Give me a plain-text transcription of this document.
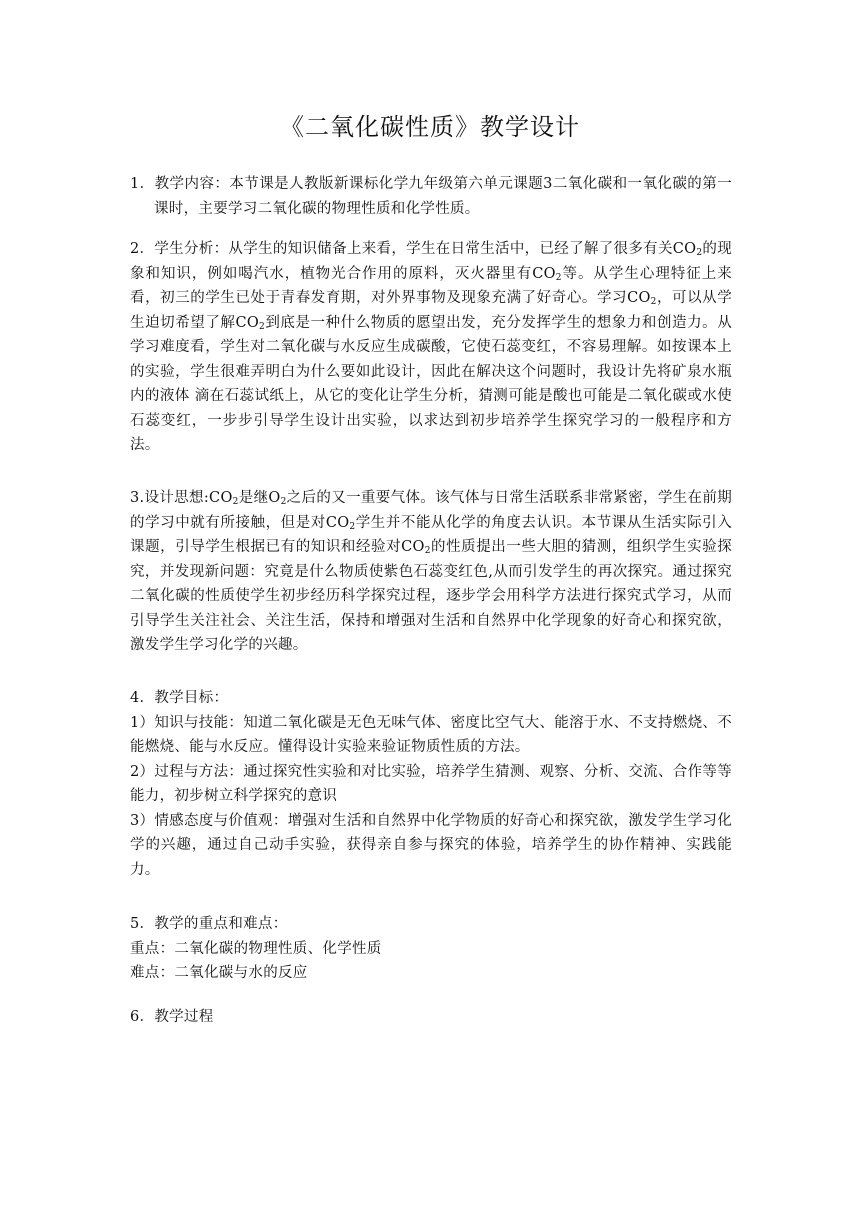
《二氧化碳性质》教学设计

1．教学内容：本节课是人教版新课标化学九年级第六单元课题3二氧化碳和一氧化碳的第一课时，主要学习二氧化碳的物理性质和化学性质。

2．学生分析：从学生的知识储备上来看，学生在日常生活中，已经了解了很多有关$CO_2$的现象和知识，例如喝汽水，植物光合作用的原料，灭火器里有$CO_2$等。从学生心理特征上来看，初三的学生已处于青春发育期，对外界事物及现象充满了好奇心。学习$CO_2$，可以从学生迫切希望了解$CO_2$到底是一种什么物质的愿望出发，充分发挥学生的想象力和创造力。从学习难度看，学生对二氧化碳与水反应生成碳酸，它使石蕊变红，不容易理解。如按课本上的实验，学生很难弄明白为什么要如此设计，因此在解决这个问题时，我设计先将矿泉水瓶内的液体 滴在石蕊试纸上，从它的变化让学生分析，猜测可能是酸也可能是二氧化碳或水使石蕊变红，一步步引导学生设计出实验，以求达到初步培养学生探究学习的一般程序和方法。

3.设计思想$:CO_2$是继$O_2$之后的又一重要气体。该气体与日常生活联系非常紧密，学生在前期的学习中就有所接触，但是对$CO_2$学生并不能从化学的角度去认识。本节课从生活实际引入课题，引导学生根据已有的知识和经验对$CO_2$的性质提出一些大胆的猜测，组织学生实验探究，并发现新问题：究竟是什么物质使紫色石蕊变红色,从而引发学生的再次探究。通过探究二氧化碳的性质使学生初步经历科学探究过程，逐步学会用科学方法进行探究式学习，从而引导学生关注社会、关注生活，保持和增强对生活和自然界中化学现象的好奇心和探究欲，激发学生学习化学的兴趣。

4．教学目标：

1）知识与技能：知道二氧化碳是无色无味气体、密度比空气大、能溶于水、不支持燃烧、不能燃烧、能与水反应。懂得设计实验来验证物质性质的方法。

2）过程与方法：通过探究性实验和对比实验，培养学生猜测、观察、分析、交流、合作等等能力，初步树立科学探究的意识

3）情感态度与价值观：增强对生活和自然界中化学物质的好奇心和探究欲，激发学生学习化学的兴趣，通过自己动手实验，获得亲自参与探究的体验，培养学生的协作精神、实践能力。

5．教学的重点和难点：

重点：二氧化碳的物理性质、化学性质

难点：二氧化碳与水的反应

6．教学过程
